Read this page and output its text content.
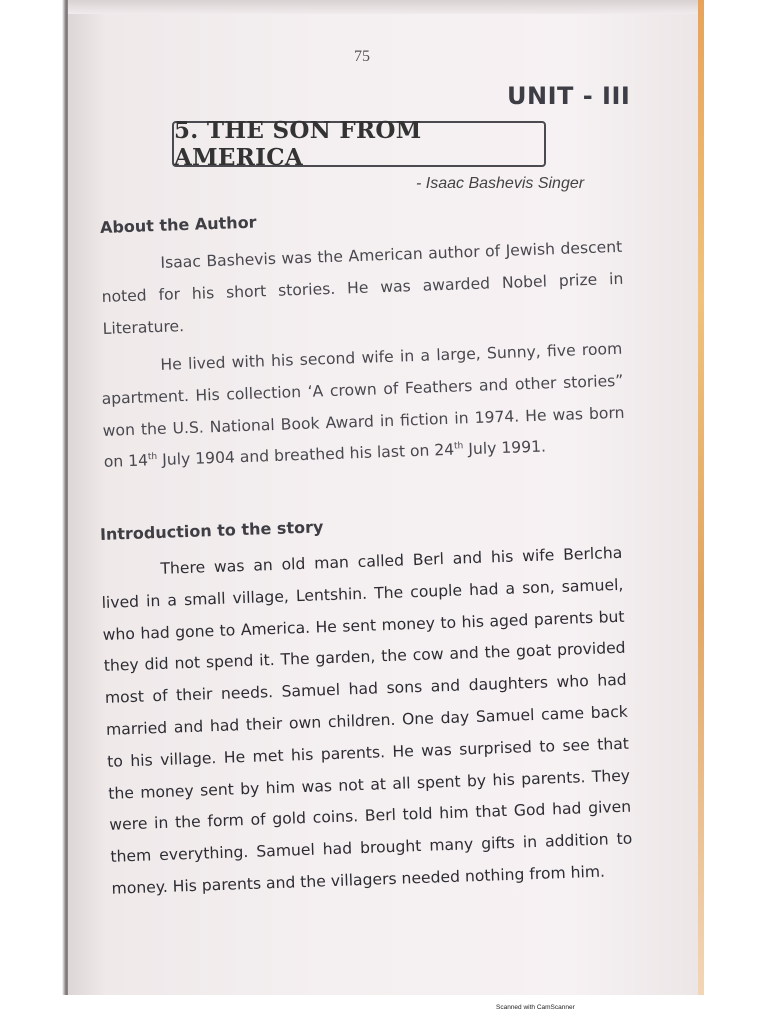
75
UNIT - III
5. THE SON FROM AMERICA
- Isaac Bashevis Singer
About the Author
Isaac Bashevis was the American author of Jewish descent noted for his short stories. He was awarded Nobel prize in Literature.
He lived with his second wife in a large, Sunny, five room apartment. His collection ‘A crown of Feathers and other stories” won the U.S. National Book Award in fiction in 1974. He was born on 14th July 1904 and breathed his last on 24th July 1991.
Introduction to the story
There was an old man called Berl and his wife Berlcha lived in a small village, Lentshin. The couple had a son, samuel, who had gone to America. He sent money to his aged parents but they did not spend it. The garden, the cow and the goat provided most of their needs. Samuel had sons and daughters who had married and had their own children. One day Samuel came back to his village. He met his parents. He was surprised to see that the money sent by him was not at all spent by his parents. They were in the form of gold coins. Berl told him that God had given them everything. Samuel had brought many gifts in addition to money. His parents and the villagers needed nothing from him.
Scanned with CamScanner
